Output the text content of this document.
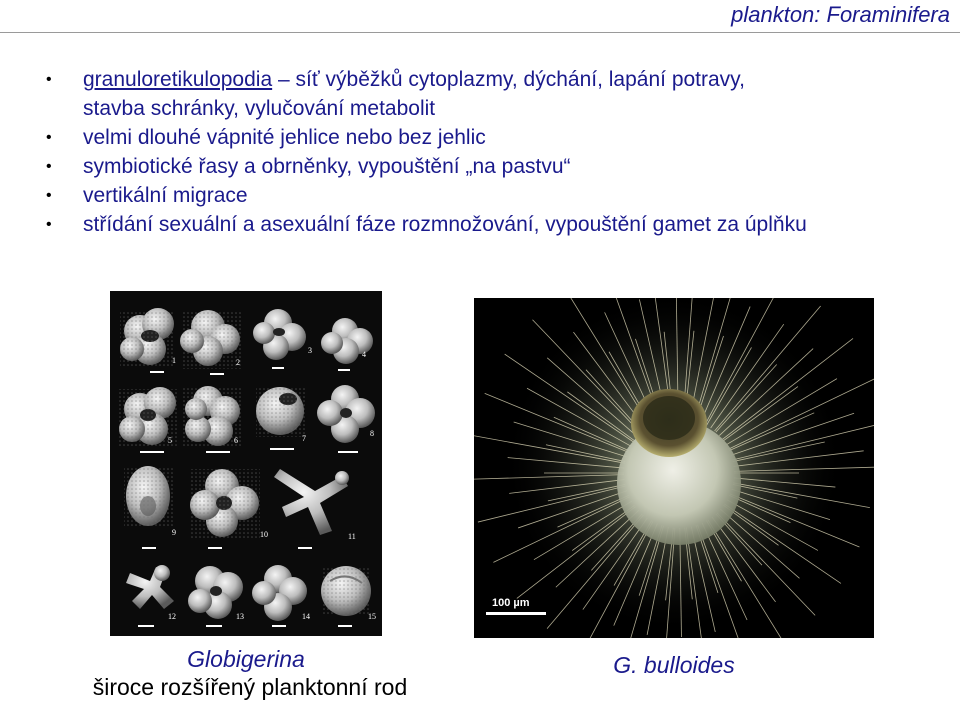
plankton: Foraminifera
• granuloretikulopodia – síť výběžků cytoplazmy, dýchání, lapání potravy,
stavba schránky, vylučování metabolit
• velmi dlouhé vápnité jehlice nebo bez jehlic
• symbiotické řasy a obrněnky, vypouštění „na pastvu“
• vertikální migrace
• střídání sexuální a asexuální fáze rozmnožování, vypouštění gamet za úplňku
1	2
3	4
5	6	7
8
9	10	11
12	13	14	15
100 µm
Globigerina
široce rozšířený planktonní rod
G. bulloides
